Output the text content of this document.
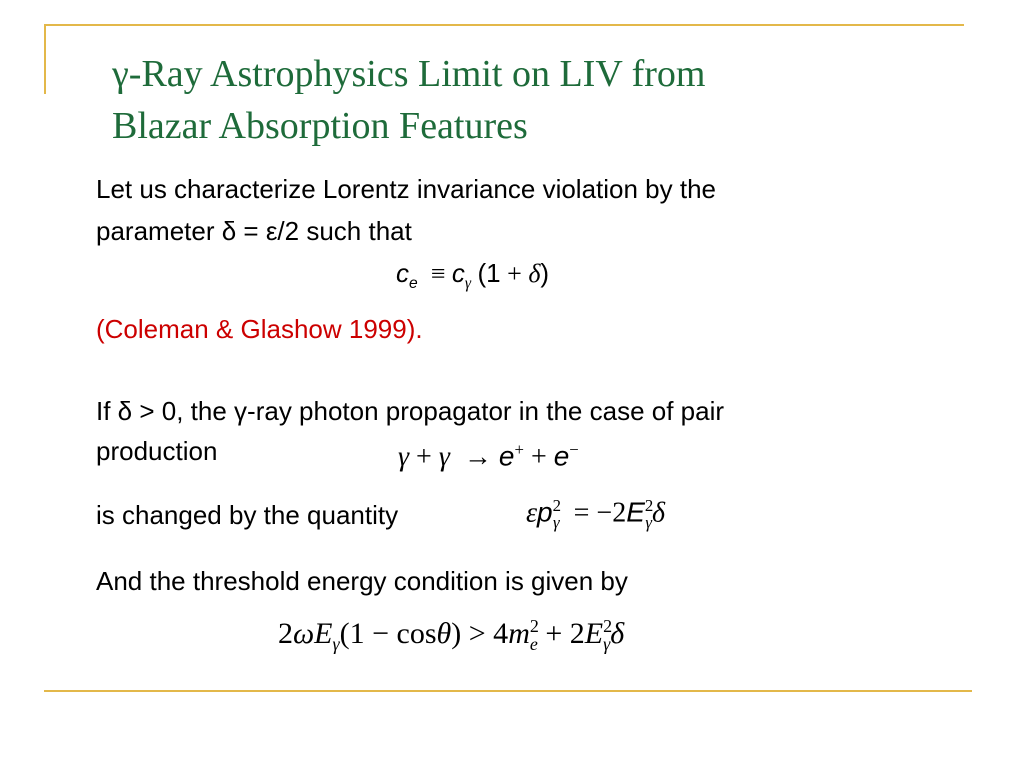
γ-Ray Astrophysics Limit on LIV from
Blazar Absorption Features
Let us characterize Lorentz invariance violation by the
parameter δ = ε/2 such that
$c_e \equiv c_\gamma$ (1 + δ)
(Coleman & Glashow 1999).
If δ > 0, the γ-ray photon propagator in the case of pair
production	γ + γ  → e+ + e−
is changed by the quantity	$\varepsilon p^2_\gamma = -2E^2_\gamma\delta$
And the threshold energy condition is given by
$2\omega E_\gamma(1 - \cos\theta) > 4m^2_e + 2E^2_\gamma\delta$
